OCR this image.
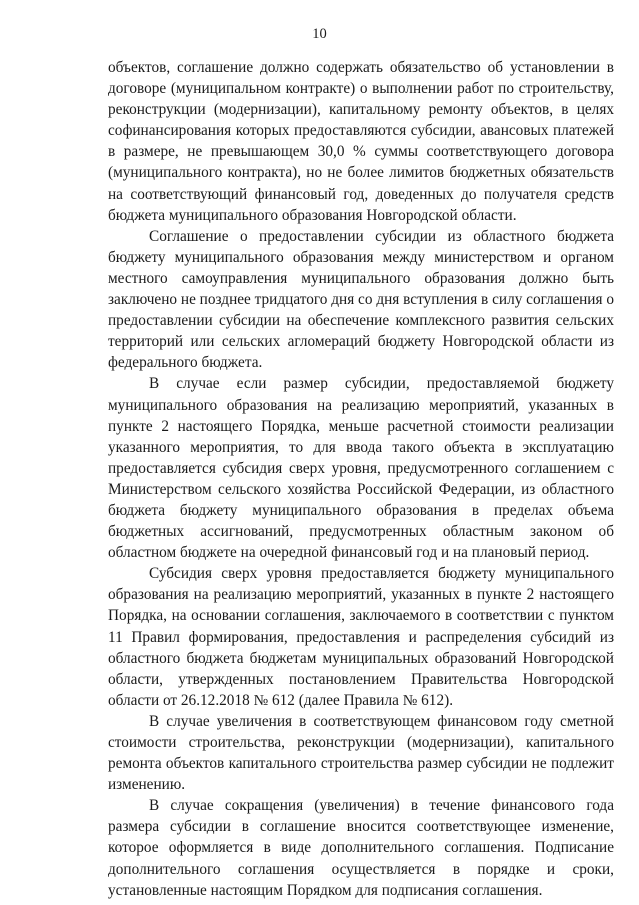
10

объектов, соглашение должно содержать обязательство об установлении в договоре (муниципальном контракте) о выполнении работ по строительству, реконструкции (модернизации), капитальному ремонту объектов, в целях софинансирования которых предоставляются субсидии, авансовых платежей в размере, не превышающем 30,0 % суммы соответствующего договора (муниципального контракта), но не более лимитов бюджетных обязательств на соответствующий финансовый год, доведенных до получателя средств бюджета муниципального образования Новгородской области.

Соглашение о предоставлении субсидии из областного бюджета бюджету муниципального образования между министерством и органом местного самоуправления муниципального образования должно быть заключено не позднее тридцатого дня со дня вступления в силу соглашения о предоставлении субсидии на обеспечение комплексного развития сельских территорий или сельских агломераций бюджету Новгородской области из федерального бюджета.

В случае если размер субсидии, предоставляемой бюджету муниципального образования на реализацию мероприятий, указанных в пункте 2 настоящего Порядка, меньше расчетной стоимости реализации указанного мероприятия, то для ввода такого объекта в эксплуатацию предоставляется субсидия сверх уровня, предусмотренного соглашением с Министерством сельского хозяйства Российской Федерации, из областного бюджета бюджету муниципального образования в пределах объема бюджетных ассигнований, предусмотренных областным законом об областном бюджете на очередной финансовый год и на плановый период.

Субсидия сверх уровня предоставляется бюджету муниципального образования на реализацию мероприятий, указанных в пункте 2 настоящего Порядка, на основании соглашения, заключаемого в соответствии с пунктом 11 Правил формирования, предоставления и распределения субсидий из областного бюджета бюджетам муниципальных образований Новгородской области, утвержденных постановлением Правительства Новгородской области от 26.12.2018 № 612 (далее Правила № 612).

В случае увеличения в соответствующем финансовом году сметной стоимости строительства, реконструкции (модернизации), капитального ремонта объектов капитального строительства размер субсидии не подлежит изменению.

В случае сокращения (увеличения) в течение финансового года размера субсидии в соглашение вносится соответствующее изменение, которое оформляется в виде дополнительного соглашения. Подписание дополнительного соглашения осуществляется в порядке и сроки, установленные настоящим Порядком для подписания соглашения.
